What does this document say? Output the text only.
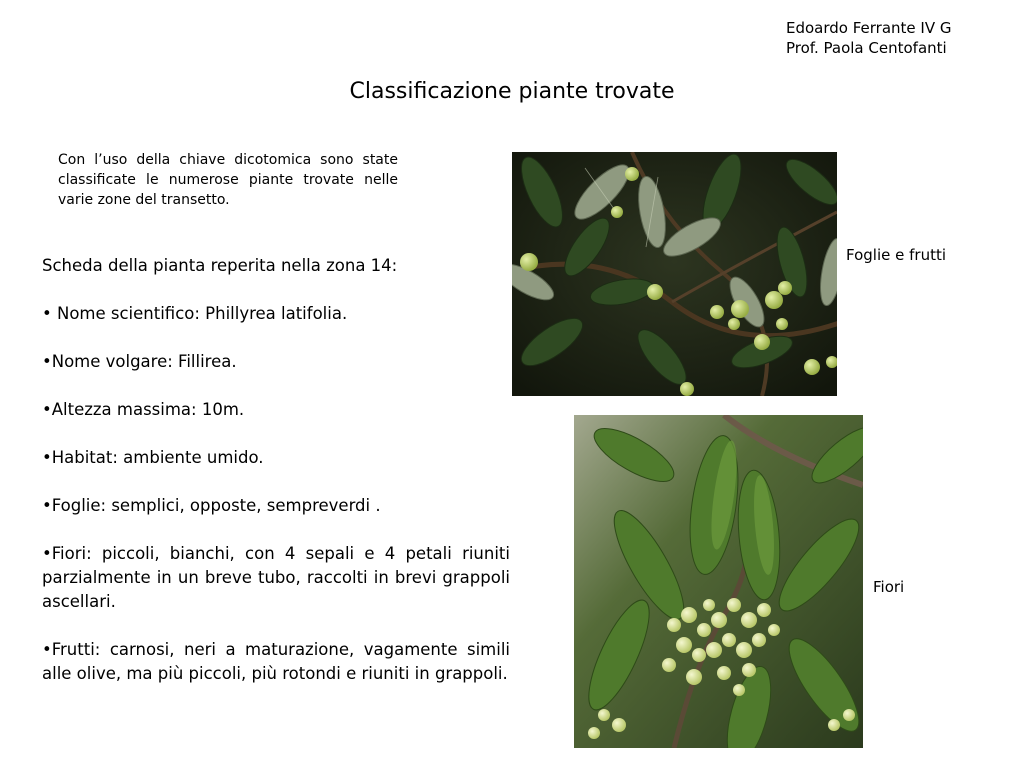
Edoardo Ferrante IV G
Prof. Paola Centofanti
Classificazione piante trovate
Con l’uso della chiave dicotomica sono state classificate le numerose piante trovate nelle varie zone del transetto.

Scheda della pianta reperita nella zona 14:

• Nome scientifico: Phillyrea latifolia.

•Nome volgare: Fillirea.

•Altezza massima: 10m.

•Habitat: ambiente umido.

•Foglie: semplici, opposte, sempreverdi .

•Fiori: piccoli, bianchi, con 4 sepali e 4 petali riuniti parzialmente in un breve tubo, raccolti in brevi grappoli ascellari.

•Frutti: carnosi, neri a maturazione, vagamente simili alle olive, ma più piccoli, più rotondi e riuniti in grappoli.

Foglie e frutti
Fiori
